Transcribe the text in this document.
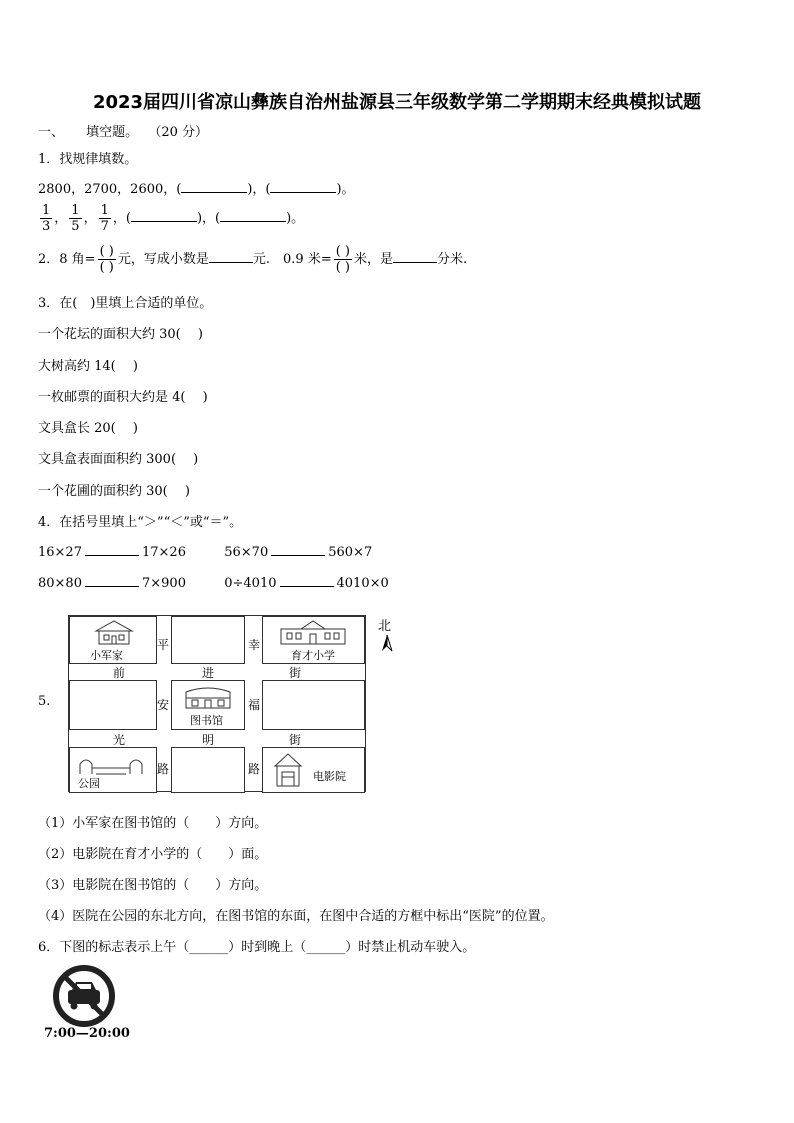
2023届四川省凉山彝族自治州盐源县三年级数学第二学期期末经典模拟试题
一、 填空题。 （20 分）
1．找规律填数。
2800，2700，2600，(	)，(	)。
$\frac{1}{3}$ ， $\frac{1}{5}$ ， $\frac{1}{7}$ ，(	)，(	)。
2．8 角= $\frac{( )}{( )}$ 元，写成小数是	元.　0.9 米= $\frac{( )}{( )}$ 米，是	分米.
3．在(　)里填上合适的单位。
一个花坛的面积大约 30(　 )
大树高约 14(　 )
一枚邮票的面积大约是 4(　 )
文具盒长 20(　 )
文具盒表面面积约 300(　 )
一个花圃的面积约 30(　 )
4．在括号里填上“＞”“＜”或“＝”。
16×27	17×26	56×70	560×7
80×80	7×900	0÷4010	4010×0
5.
小军家	育才小学
图书馆
公园
电影院
前	进	街
光	明	街
平
安
路
幸
福
路
北
（1）小军家在图书馆的（　　）方向。
（2）电影院在育才小学的（　　）面。
（3）电影院在图书馆的（　　）方向。
（4）医院在公园的东北方向，在图书馆的东面，在图中合适的方框中标出“医院”的位置。
6．下图的标志表示上午（______）时到晚上（______）时禁止机动车驶入。
7:00—20:00
